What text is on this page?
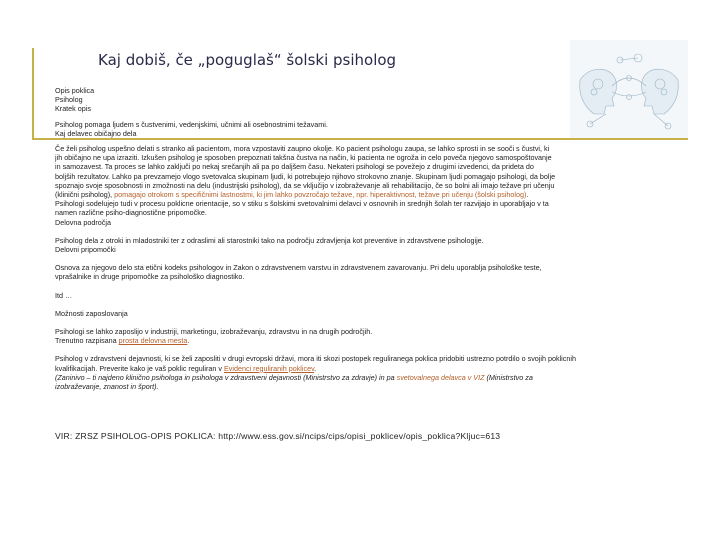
Kaj dobiš, če „poguglaš“ šolski psiholog

Opis poklica

Psiholog

Kratek opis

Psiholog pomaga ljudem s čustvenimi, vedenjskimi, učnimi ali osebnostnimi težavami.

Kaj delavec običajno dela

Če želi psiholog uspešno delati s stranko ali pacientom, mora vzpostaviti zaupno okolje. Ko pacient psihologu zaupa, se lahko sprosti in se sooči s čustvi, ki

jih običajno ne upa izraziti. Izkušen psiholog je sposoben prepoznati takšna čustva na način, ki pacienta ne ogroža in celo poveča njegovo samospoštovanje

in samozavest. Ta proces se lahko zaključi po nekaj srečanjih ali pa po daljšem času. Nekateri psihologi se povežejo z drugimi izvedenci, da prideta do

boljših rezultatov. Lahko pa prevzamejo vlogo svetovalca skupinam ljudi, ki potrebujejo njihovo strokovno znanje. Skupinam ljudi pomagajo psihologi, da bolje

spoznajo svoje sposobnosti in zmožnosti na delu (industrijski psiholog), da se vključijo v izobraževanje ali rehabilitacijo, če so bolni ali imajo težave pri učenju

(klinični psiholog), pomagajo otrokom s specifičnimi lastnostmi, ki jim lahko povzročajo težave, npr. hiperaktivnost, težave pri učenju (šolski psiholog).

Psihologi sodelujejo tudi v procesu poklicne orientacije, so v stiku s šolskimi svetovalnimi delavci v osnovnih in srednjih šolah ter razvijajo in uporabljajo v ta

namen različne psiho-diagnostične pripomočke.

Delovna področja

Psiholog dela z otroki in mladostniki ter z odraslimi ali starostniki tako na področju zdravljenja kot preventive in zdravstvene psihologije.

Delovni pripomočki

Osnova za njegovo delo sta etični kodeks psihologov in Zakon o zdravstvenem varstvu in zdravstvenem zavarovanju. Pri delu uporablja psihološke teste,

vprašalnike in druge pripomočke za psihološko diagnostiko.

Itd …

Možnosti zaposlovanja

Psihologi se lahko zaposlijo v industriji, marketingu, izobraževanju, zdravstvu in na drugih področjih.

Trenutno razpisana prosta delovna mesta.

Psiholog v zdravstveni dejavnosti, ki se želi zaposliti v drugi evropski državi, mora iti skozi postopek reguliranega poklica pridobiti ustrezno potrdilo o svojih poklicnih

kvalifikacijah. Preverite kako je vaš poklic reguliran v Evidenci reguliranih poklicev.

(Zaninivo – ti najdeno klinično psihologa in psihologa v zdravstveni dejavnosti (Ministrstvo za zdravje) in pa svetovalnega delavca v VIZ (Ministrstvo za

izobraževanje, znanost in šport).

VIR: ZRSZ PSIHOLOG-OPIS POKLICA: http://www.ess.gov.si/ncips/cips/opisi_poklicev/opis_poklica?Kljuc=613
